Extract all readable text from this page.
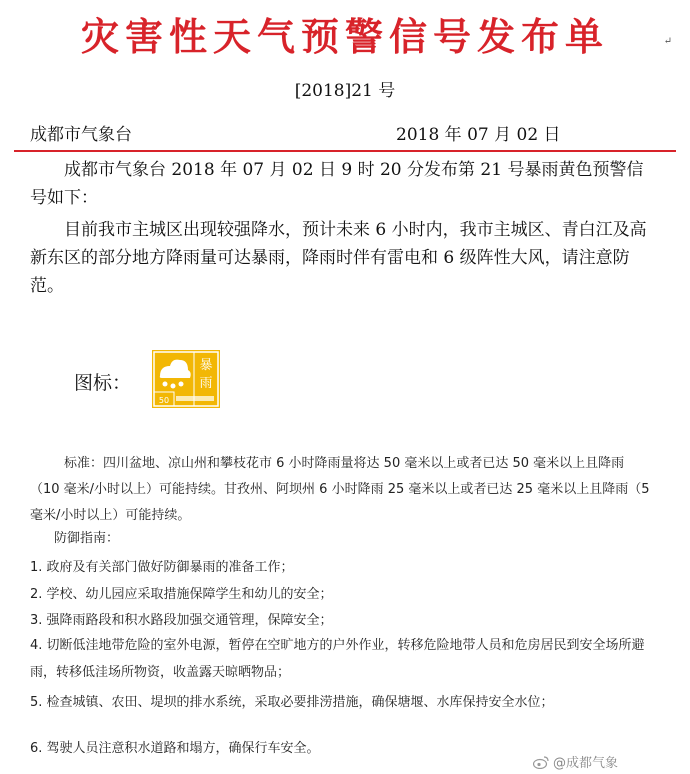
灾害性天气预警信号发布单	↵
[2018]21 号
成都市气象台	2018 年 07 月 02 日
成都市气象台 2018 年 07 月 02 日 9 时 20 分发布第 21 号暴雨黄色预警信号如下：
目前我市主城区出现较强降水，预计未来 6 小时内，我市主城区、青白江及高新东区的部分地方降雨量可达暴雨，降雨时伴有雷电和 6 级阵性大风，请注意防范。
图标：
50
暴
雨
标准：四川盆地、凉山州和攀枝花市 6 小时降雨量将达 50 毫米以上或者已达 50 毫米以上且降雨（10 毫米/小时以上）可能持续。甘孜州、阿坝州 6 小时降雨 25 毫米以上或者已达 25 毫米以上且降雨（5 毫米/小时以上）可能持续。
防御指南：
1. 政府及有关部门做好防御暴雨的准备工作；
2. 学校、幼儿园应采取措施保障学生和幼儿的安全；
3. 强降雨路段和积水路段加强交通管理，保障安全；
4. 切断低洼地带危险的室外电源，暂停在空旷地方的户外作业，转移危险地带人员和危房居民到安全场所避雨，转移低洼场所物资，收盖露天晾晒物品；
5. 检查城镇、农田、堤坝的排水系统，采取必要排涝措施，确保塘堰、水库保持安全水位；
6. 驾驶人员注意积水道路和塌方，确保行车安全。
@成都气象
